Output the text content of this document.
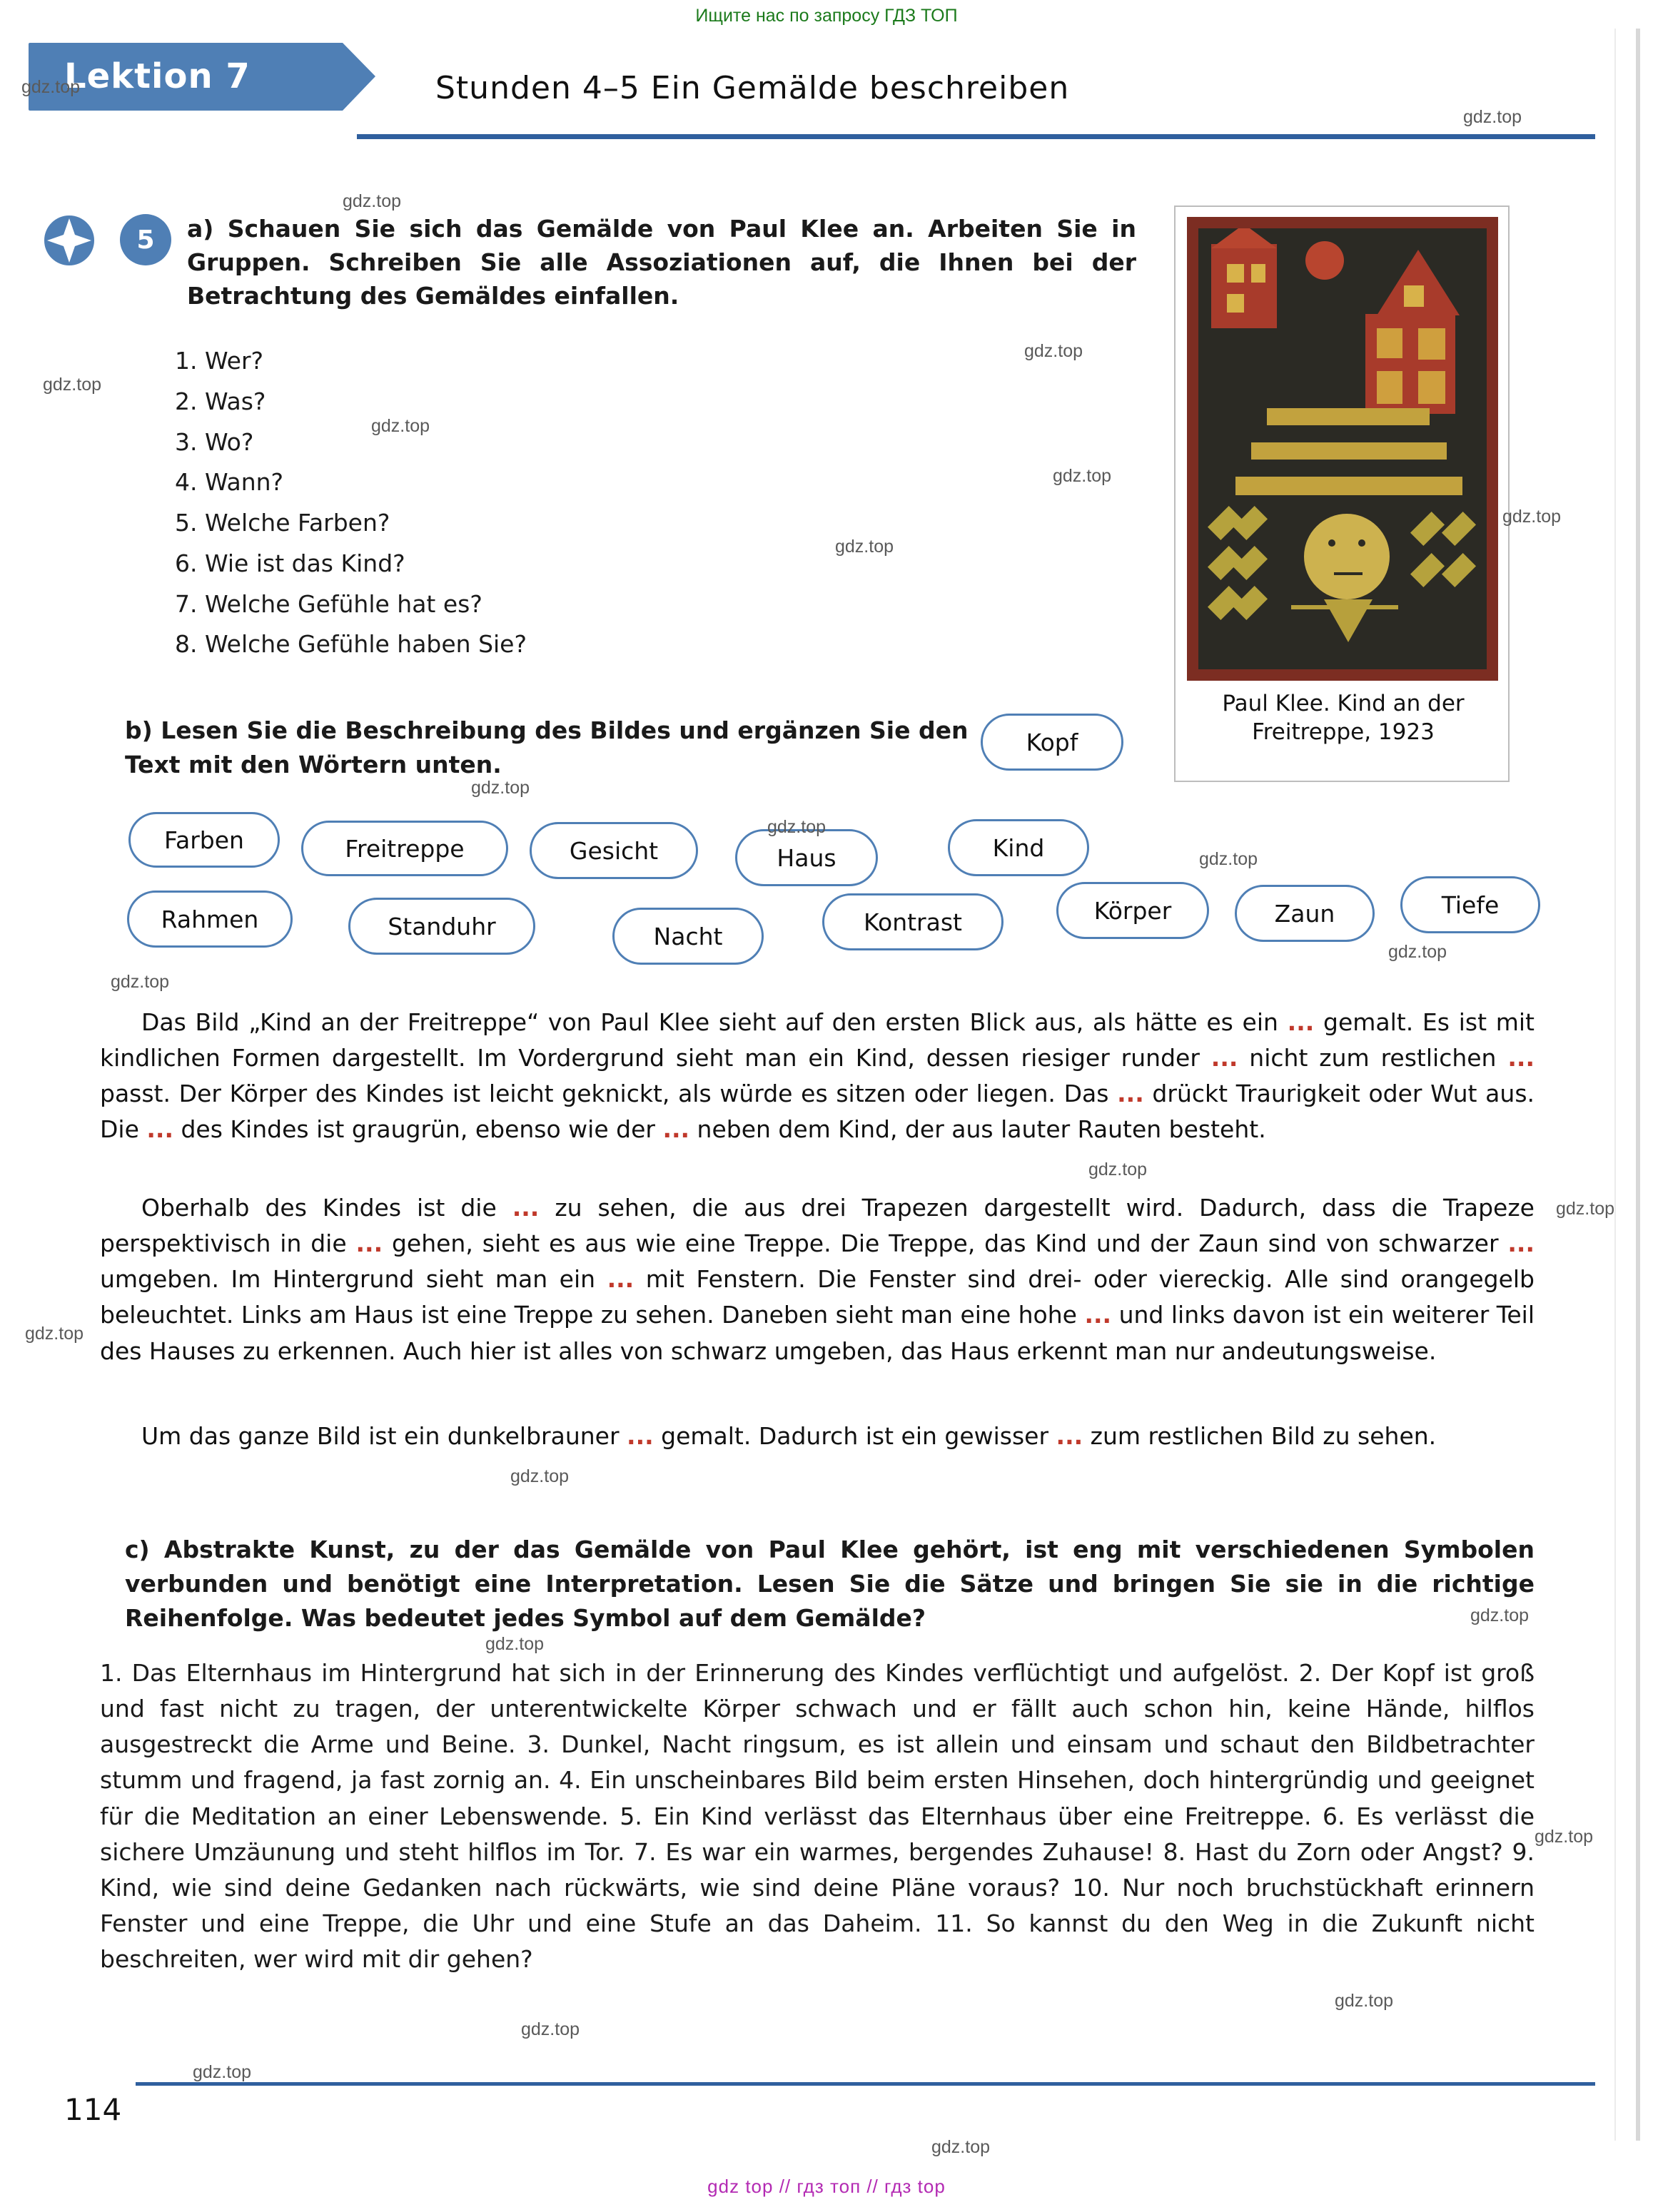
Ищите нас по запросу ГДЗ ТОП
Lektion 7	Stunden 4–5 Ein Gemälde beschreiben
5	a) Schauen Sie sich das Gemälde von Paul Klee an. Arbeiten Sie in Gruppen. Schreiben Sie alle Assoziationen auf, die Ihnen bei der Betrachtung des Gemäldes einfallen.
1. Wer?
2. Was?
3. Wo?
4. Wann?
5. Welche Farben?
6. Wie ist das Kind?
7. Welche Gefühle hat es?
8. Welche Gefühle haben Sie?
Paul Klee. Kind an der Freitreppe, 1923
b) Lesen Sie die Beschreibung des Bildes und ergänzen Sie den Text mit den Wörtern unten.
Kopf
Farben	Freitreppe	Gesicht	Haus	Kind
Rahmen	Standuhr	Nacht
Kontrast	Körper	Zaun	Tiefe
Das Bild „Kind an der Freitreppe“ von Paul Klee sieht auf den ersten Blick aus, als hätte es ein ... gemalt. Es ist mit kindlichen Formen dargestellt. Im Vordergrund sieht man ein Kind, dessen riesiger runder ... nicht zum restlichen ... passt. Der Körper des Kindes ist leicht geknickt, als würde es sitzen oder liegen. Das ... drückt Traurigkeit oder Wut aus. Die ... des Kindes ist graugrün, ebenso wie der ... neben dem Kind, der aus lauter Rauten besteht.
Oberhalb des Kindes ist die ... zu sehen, die aus drei Trapezen dargestellt wird. Dadurch, dass die Trapeze perspektivisch in die ... gehen, sieht es aus wie eine Treppe. Die Treppe, das Kind und der Zaun sind von schwarzer ... umgeben. Im Hintergrund sieht man ein ... mit Fenstern. Die Fenster sind drei- oder viereckig. Alle sind orangegelb beleuchtet. Links am Haus ist eine Treppe zu sehen. Daneben sieht man eine hohe ... und links davon ist ein weiterer Teil des Hauses zu erkennen. Auch hier ist alles von schwarz umgeben, das Haus erkennt man nur andeutungsweise.
Um das ganze Bild ist ein dunkelbrauner ... gemalt. Dadurch ist ein gewisser ... zum restlichen Bild zu sehen.
c) Abstrakte Kunst, zu der das Gemälde von Paul Klee gehört, ist eng mit verschiedenen Symbolen verbunden und benötigt eine Interpretation. Lesen Sie die Sätze und bringen Sie sie in die richtige Reihenfolge. Was bedeutet jedes Symbol auf dem Gemälde?
1. Das Elternhaus im Hintergrund hat sich in der Erinnerung des Kindes verflüchtigt und aufgelöst. 2. Der Kopf ist groß und fast nicht zu tragen, der unterentwickelte Körper schwach und er fällt auch schon hin, keine Hände, hilflos ausgestreckt die Arme und Beine. 3. Dunkel, Nacht ringsum, es ist allein und einsam und schaut den Bildbetrachter stumm und fragend, ja fast zornig an. 4. Ein unscheinbares Bild beim ersten Hinsehen, doch hintergründig und geeignet für die Meditation an einer Lebenswende. 5. Ein Kind verlässt das Elternhaus über eine Freitreppe. 6. Es verlässt die sichere Umzäunung und steht hilflos im Tor. 7. Es war ein warmes, bergendes Zuhause! 8. Hast du Zorn oder Angst? 9. Kind, wie sind deine Gedanken nach rückwärts, wie sind deine Pläne voraus? 10. Nur noch bruchstückhaft erinnern Fenster und eine Treppe, die Uhr und eine Stufe an das Daheim. 11. So kannst du den Weg in die Zukunft nicht beschreiten, wer wird mit dir gehen?
114
gdz top // гдз топ // гдз top
gdz.top
gdz.top
gdz.top
gdz.top
gdz.top
gdz.top
gdz.top
gdz.top
gdz.top
gdz.top
gdz.top
gdz.top
gdz.top
gdz.top
gdz.top
gdz.top
gdz.top
gdz.top
gdz.top
gdz.top
gdz.top
gdz.top
gdz.top
gdz.top
gdz.top
